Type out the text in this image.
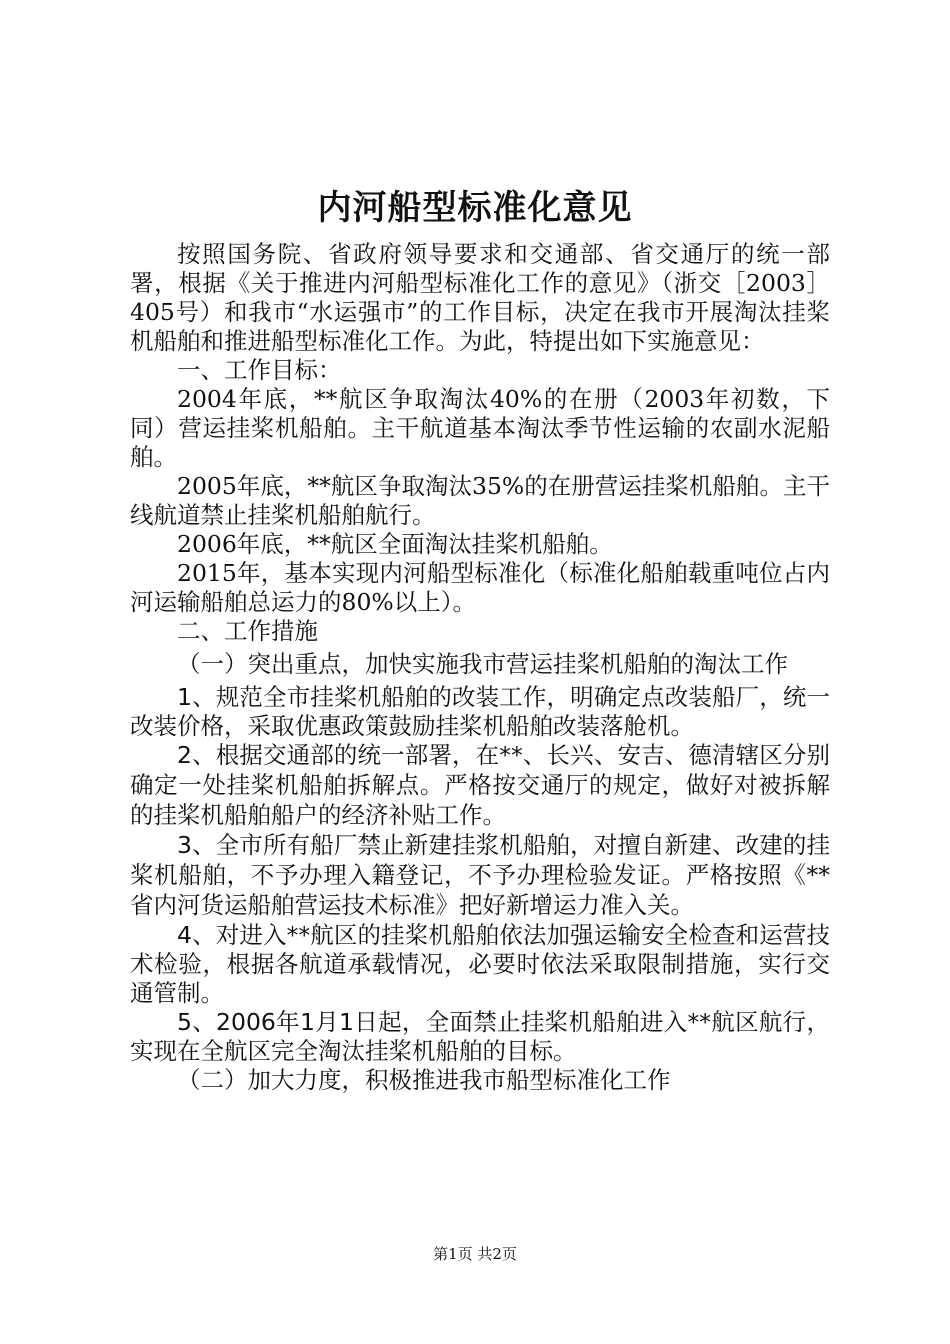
内河船型标准化意见

按照国务院、省政府领导要求和交通部、省交通厅的统一部署，根据《关于推进内河船型标准化工作的意见》（浙交［2003］405号）和我市“水运强市”的工作目标，决定在我市开展淘汰挂桨机船舶和推进船型标准化工作。为此，特提出如下实施意见：

一、工作目标：

2004年底，**航区争取淘汰40%的在册（2003年初数，下同）营运挂桨机船舶。主干航道基本淘汰季节性运输的农副水泥船舶。

2005年底，**航区争取淘汰35%的在册营运挂桨机船舶。主干线航道禁止挂桨机船舶航行。

2006年底，**航区全面淘汰挂桨机船舶。

2015年，基本实现内河船型标准化（标准化船舶载重吨位占内河运输船舶总运力的80%以上）。

二、工作措施

（一）突出重点，加快实施我市营运挂桨机船舶的淘汰工作

1、规范全市挂桨机船舶的改装工作，明确定点改装船厂，统一改装价格，采取优惠政策鼓励挂桨机船舶改装落舱机。

2、根据交通部的统一部署，在**、长兴、安吉、德清辖区分别确定一处挂桨机船舶拆解点。严格按交通厅的规定，做好对被拆解的挂桨机船舶船户的经济补贴工作。

3、全市所有船厂禁止新建挂浆机船舶，对擅自新建、改建的挂桨机船舶，不予办理入籍登记，不予办理检验发证。严格按照《**省内河货运船舶营运技术标准》把好新增运力准入关。

4、对进入**航区的挂桨机船舶依法加强运输安全检查和运营技术检验，根据各航道承载情况，必要时依法采取限制措施，实行交通管制。

5、2006年1月1日起，全面禁止挂桨机船舶进入**航区航行，实现在全航区完全淘汰挂桨机船舶的目标。

（二）加大力度，积极推进我市船型标准化工作

第1页 共2页
